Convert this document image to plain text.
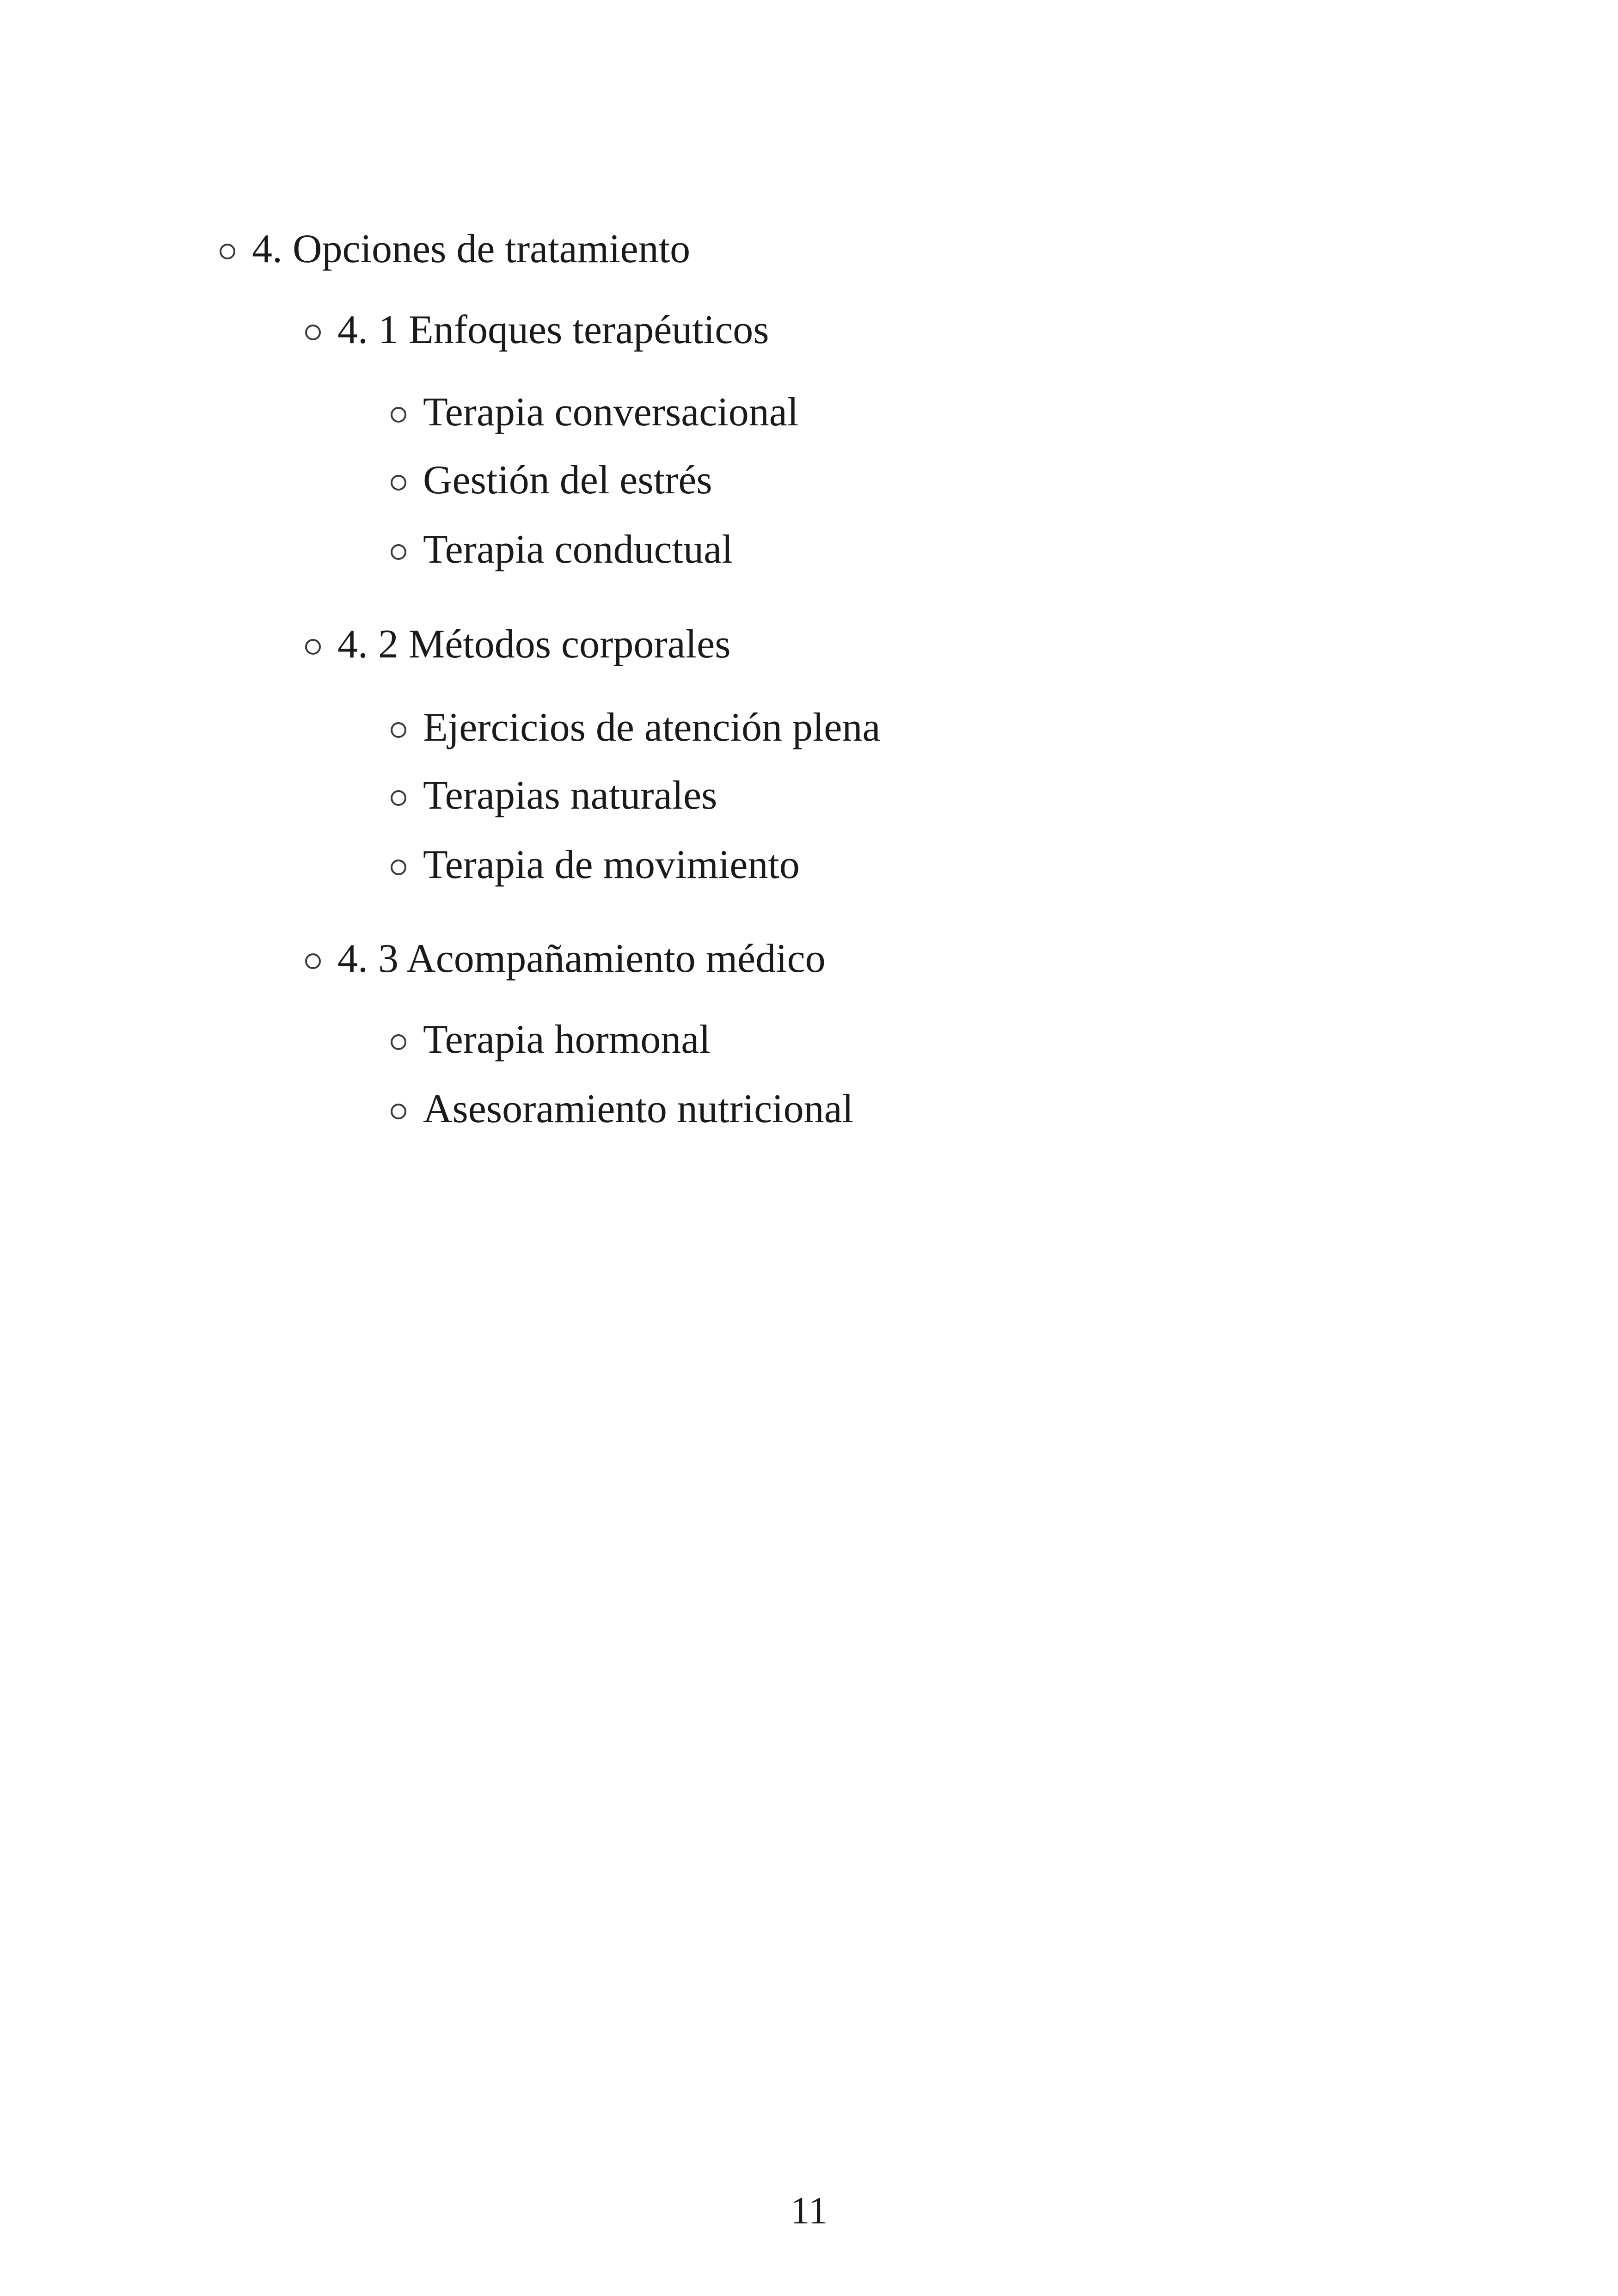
4. Opciones de tratamiento
4. 1 Enfoques terapéuticos
Terapia conversacional
Gestión del estrés
Terapia conductual
4. 2 Métodos corporales
Ejercicios de atención plena
Terapias naturales
Terapia de movimiento
4. 3 Acompañamiento médico
Terapia hormonal
Asesoramiento nutricional
11
